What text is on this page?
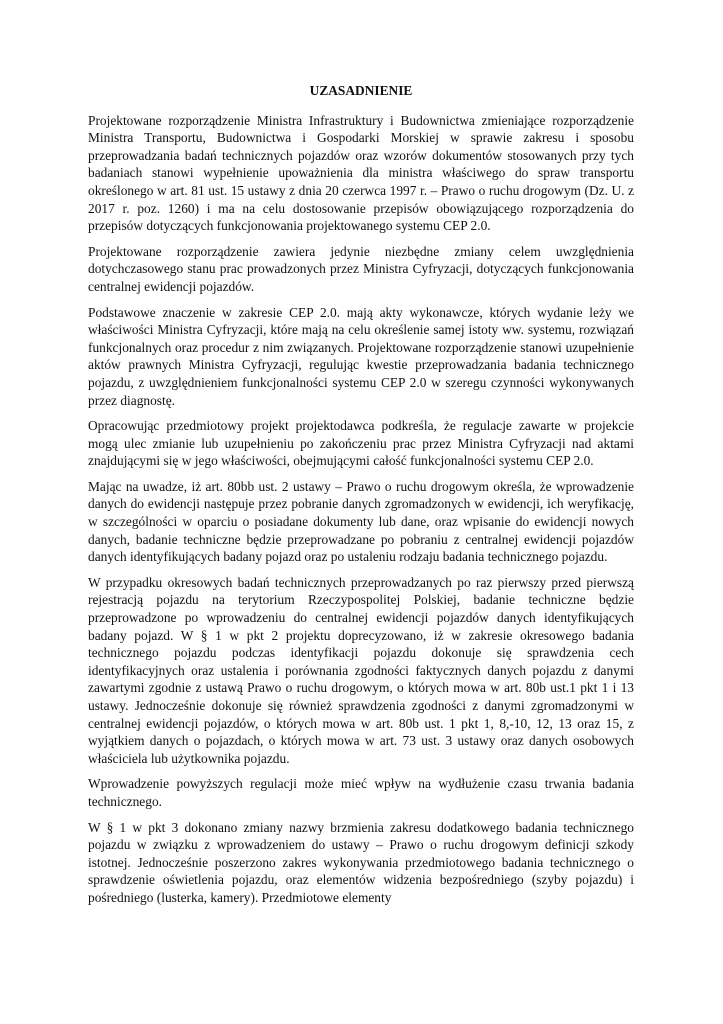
UZASADNIENIE

Projektowane rozporządzenie Ministra Infrastruktury i Budownictwa zmieniające rozporządzenie Ministra Transportu, Budownictwa i Gospodarki Morskiej w sprawie zakresu i sposobu przeprowadzania badań technicznych pojazdów oraz wzorów dokumentów stosowanych przy tych badaniach stanowi wypełnienie upoważnienia dla ministra właściwego do spraw transportu określonego w art. 81 ust. 15 ustawy z dnia 20 czerwca 1997 r. – Prawo o ruchu drogowym (Dz. U. z 2017 r. poz. 1260) i ma na celu dostosowanie przepisów obowiązującego rozporządzenia do przepisów dotyczących funkcjonowania projektowanego systemu CEP 2.0.

Projektowane rozporządzenie zawiera jedynie niezbędne zmiany celem uwzględnienia dotychczasowego stanu prac prowadzonych przez Ministra Cyfryzacji, dotyczących funkcjonowania centralnej ewidencji pojazdów.

Podstawowe znaczenie w zakresie CEP 2.0. mają akty wykonawcze, których wydanie leży we właściwości Ministra Cyfryzacji, które mają na celu określenie samej istoty ww. systemu, rozwiązań funkcjonalnych oraz procedur z nim związanych. Projektowane rozporządzenie stanowi uzupełnienie aktów prawnych Ministra Cyfryzacji, regulując kwestie przeprowadzania badania technicznego pojazdu, z uwzględnieniem funkcjonalności systemu CEP 2.0 w szeregu czynności wykonywanych przez diagnostę.

Opracowując przedmiotowy projekt projektodawca podkreśla, że regulacje zawarte w projekcie mogą ulec zmianie lub uzupełnieniu po zakończeniu prac przez Ministra Cyfryzacji nad aktami znajdującymi się w jego właściwości, obejmującymi całość funkcjonalności systemu CEP 2.0.

Mając na uwadze, iż art. 80bb ust. 2 ustawy – Prawo o ruchu drogowym określa, że wprowadzenie danych do ewidencji następuje przez pobranie danych zgromadzonych w ewidencji, ich weryfikację, w szczególności w oparciu o posiadane dokumenty lub dane, oraz wpisanie do ewidencji nowych danych, badanie techniczne będzie przeprowadzane po pobraniu z centralnej ewidencji pojazdów danych identyfikujących badany pojazd oraz po ustaleniu rodzaju badania technicznego pojazdu.

W przypadku okresowych badań technicznych przeprowadzanych po raz pierwszy przed pierwszą rejestracją pojazdu na terytorium Rzeczypospolitej Polskiej, badanie techniczne będzie przeprowadzone po wprowadzeniu do centralnej ewidencji pojazdów danych identyfikujących badany pojazd. W § 1 w pkt 2 projektu doprecyzowano, iż w zakresie okresowego badania technicznego pojazdu podczas identyfikacji pojazdu dokonuje się sprawdzenia cech identyfikacyjnych oraz ustalenia i porównania zgodności faktycznych danych pojazdu z danymi zawartymi zgodnie z ustawą Prawo o ruchu drogowym, o których mowa w art. 80b ust.1 pkt 1 i 13 ustawy. Jednocześnie dokonuje się również sprawdzenia zgodności z danymi zgromadzonymi w centralnej ewidencji pojazdów, o których mowa w art. 80b ust. 1 pkt 1, 8,-10, 12, 13 oraz 15, z wyjątkiem danych o pojazdach, o których mowa w art. 73 ust. 3 ustawy oraz danych osobowych właściciela lub użytkownika pojazdu.

Wprowadzenie powyższych regulacji może mieć wpływ na wydłużenie czasu trwania badania technicznego.

W § 1 w pkt 3 dokonano zmiany nazwy brzmienia zakresu dodatkowego badania technicznego pojazdu w związku z wprowadzeniem do ustawy – Prawo o ruchu drogowym definicji szkody istotnej. Jednocześnie poszerzono zakres wykonywania przedmiotowego badania technicznego o sprawdzenie oświetlenia pojazdu, oraz elementów widzenia bezpośredniego (szyby pojazdu) i pośredniego (lusterka, kamery). Przedmiotowe elementy
